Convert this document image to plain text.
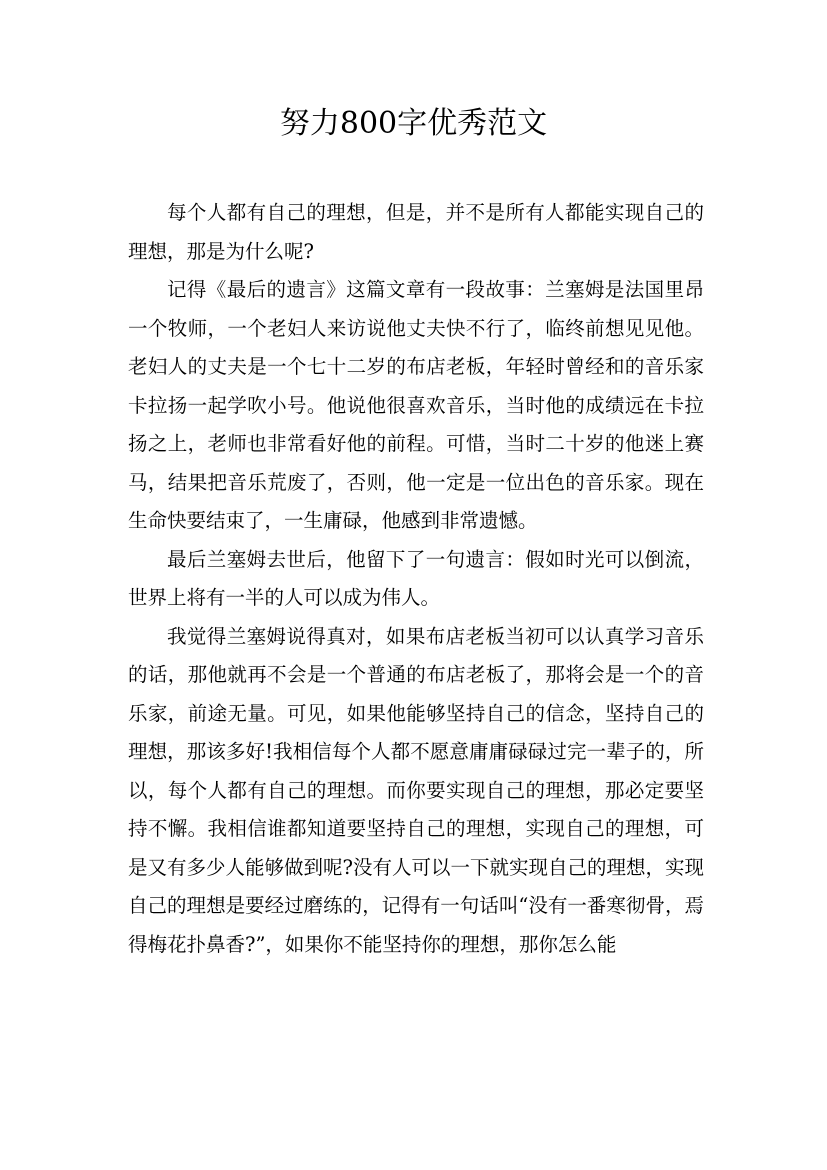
努力800字优秀范文

每个人都有自己的理想，但是，并不是所有人都能实现自己的理想，那是为什么呢?

记得《最后的遗言》这篇文章有一段故事：兰塞姆是法国里昂一个牧师，一个老妇人来访说他丈夫快不行了，临终前想见见他。老妇人的丈夫是一个七十二岁的布店老板，年轻时曾经和的音乐家卡拉扬一起学吹小号。他说他很喜欢音乐，当时他的成绩远在卡拉扬之上，老师也非常看好他的前程。可惜，当时二十岁的他迷上赛马，结果把音乐荒废了，否则，他一定是一位出色的音乐家。现在生命快要结束了，一生庸碌，他感到非常遗憾。

最后兰塞姆去世后，他留下了一句遗言：假如时光可以倒流，世界上将有一半的人可以成为伟人。

我觉得兰塞姆说得真对，如果布店老板当初可以认真学习音乐的话，那他就再不会是一个普通的布店老板了，那将会是一个的音乐家，前途无量。可见，如果他能够坚持自己的信念，坚持自己的理想，那该多好!我相信每个人都不愿意庸庸碌碌过完一辈子的，所以，每个人都有自己的理想。而你要实现自己的理想，那必定要坚持不懈。我相信谁都知道要坚持自己的理想，实现自己的理想，可是又有多少人能够做到呢?没有人可以一下就实现自己的理想，实现自己的理想是要经过磨练的，记得有一句话叫“没有一番寒彻骨，焉得梅花扑鼻香?”，如果你不能坚持你的理想，那你怎么能
